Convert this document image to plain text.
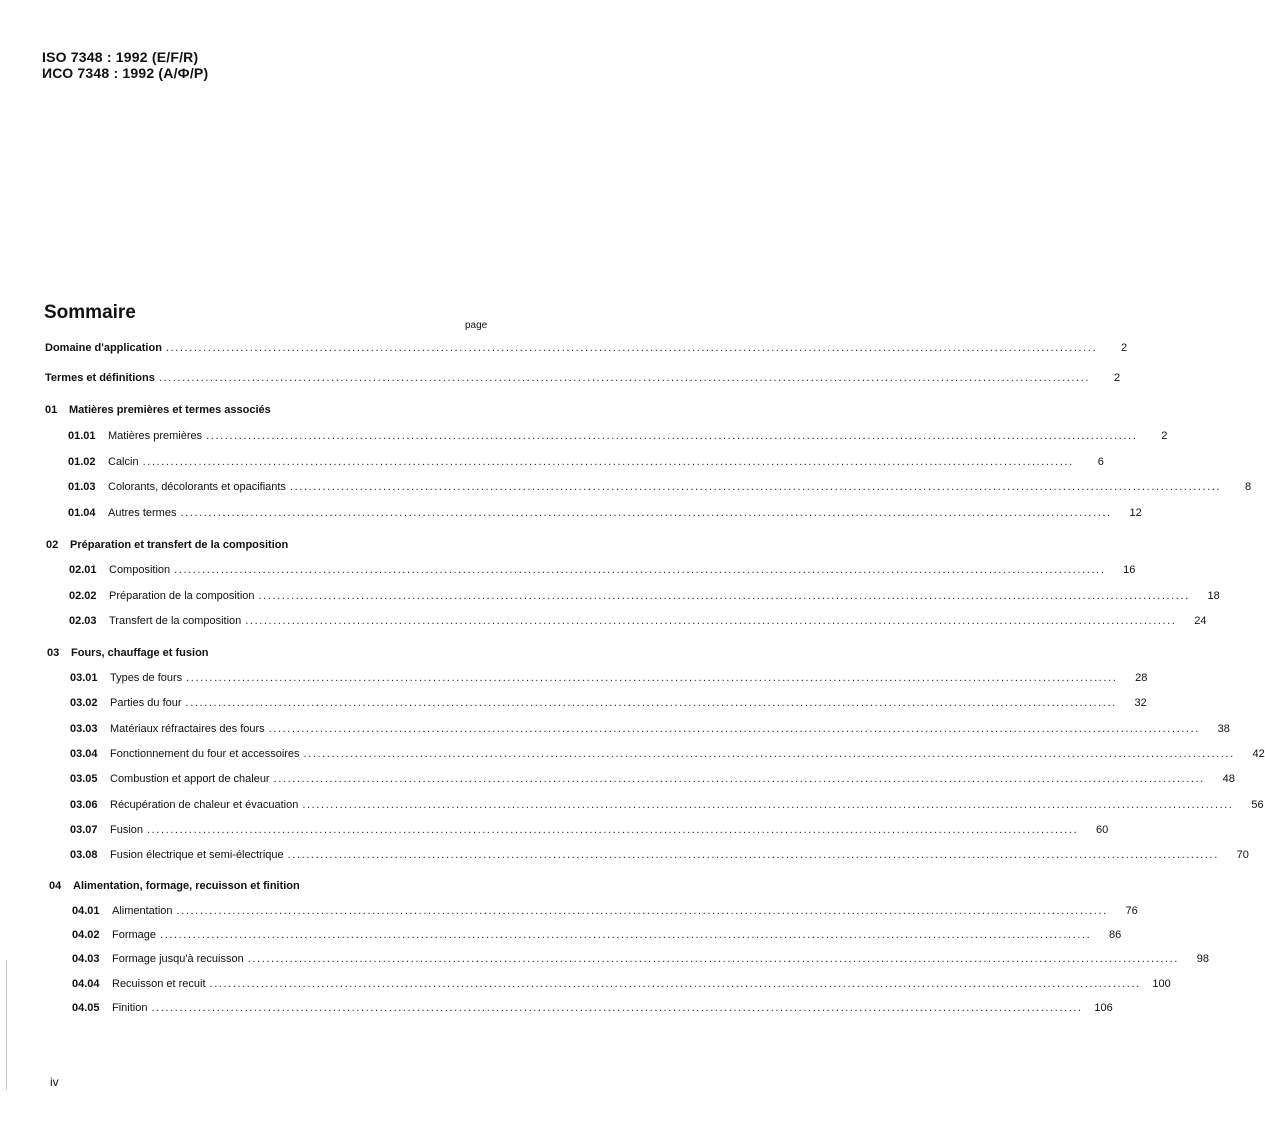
ISO 7348 : 1992 (E/F/R)
ИСО 7348 : 1992 (А/Ф/Р)
Sommaire
page
Domaine d'application ........................................................................................................................................................................................................	2
Termes et définitions ........................................................................................................................................................................................................	2
01	Matières premières et termes associés
01.01	Matières premières ........................................................................................................................................................................................................	2
01.02	Calcin ........................................................................................................................................................................................................	6
01.03	Colorants, décolorants et opacifiants ........................................................................................................................................................................................................	8
01.04	Autres termes ........................................................................................................................................................................................................	12
02	Préparation et transfert de la composition
02.01	Composition ........................................................................................................................................................................................................	16
02.02	Préparation de la composition ........................................................................................................................................................................................................	18
02.03	Transfert de la composition ........................................................................................................................................................................................................	24
03	Fours, chauffage et fusion
03.01	Types de fours ........................................................................................................................................................................................................	28
03.02	Parties du four ........................................................................................................................................................................................................	32
03.03	Matériaux réfractaires des fours ........................................................................................................................................................................................................	38
03.04	Fonctionnement du four et accessoires ........................................................................................................................................................................................................	42
03.05	Combustion et apport de chaleur ........................................................................................................................................................................................................	48
03.06	Récupération de chaleur et évacuation ........................................................................................................................................................................................................	56
03.07	Fusion ........................................................................................................................................................................................................	60
03.08	Fusion électrique et semi-électrique ........................................................................................................................................................................................................	70
04	Alimentation, formage, recuisson et finition
04.01	Alimentation ........................................................................................................................................................................................................	76
04.02	Formage ........................................................................................................................................................................................................	86
04.03	Formage jusqu'à recuisson ........................................................................................................................................................................................................	98
04.04	Recuisson et recuit ........................................................................................................................................................................................................	100
04.05	Finition ........................................................................................................................................................................................................	106
iv
